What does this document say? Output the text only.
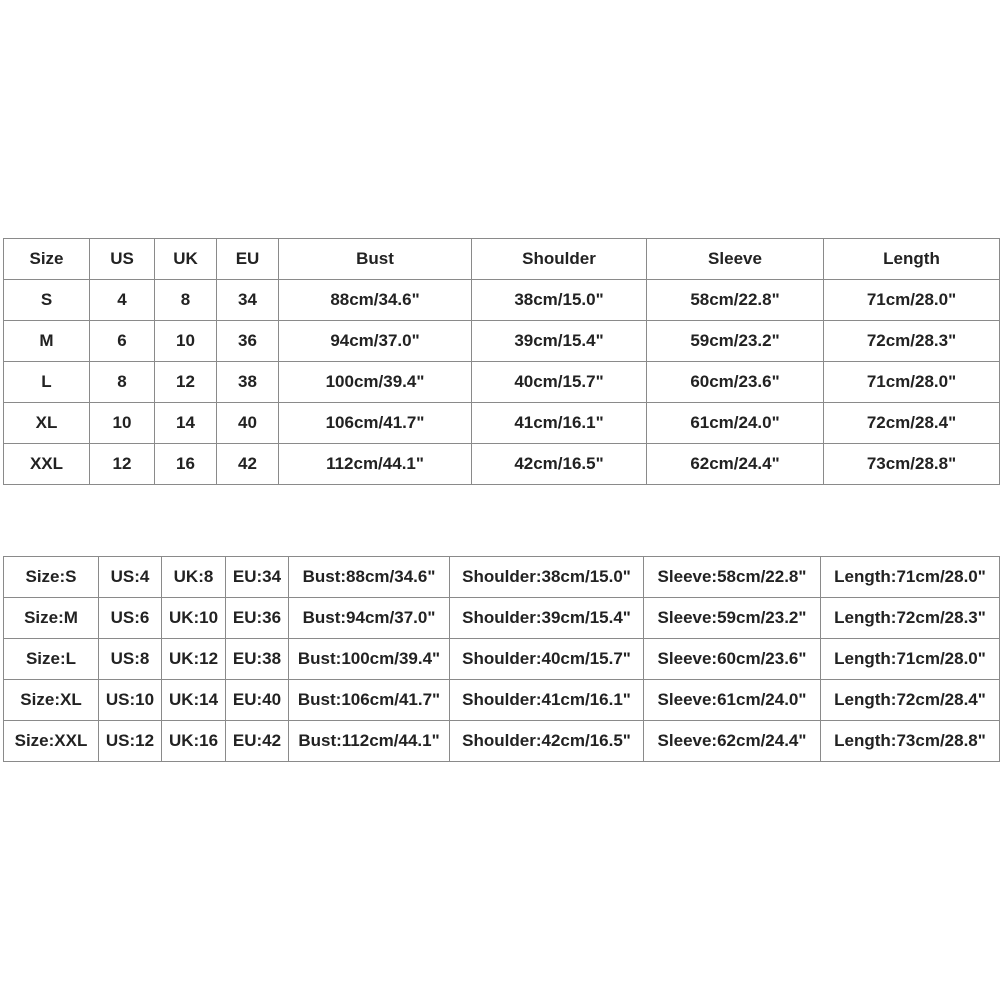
Size	US	UK	EU	Bust	Shoulder	Sleeve	Length
S	4	8	34	88cm/34.6"	38cm/15.0"	58cm/22.8"	71cm/28.0"
M	6	10	36	94cm/37.0"	39cm/15.4"	59cm/23.2"	72cm/28.3"
L	8	12	38	100cm/39.4"	40cm/15.7"	60cm/23.6"	71cm/28.0"
XL	10	14	40	106cm/41.7"	41cm/16.1"	61cm/24.0"	72cm/28.4"
XXL	12	16	42	112cm/44.1"	42cm/16.5"	62cm/24.4"	73cm/28.8"
Size:S	US:4	UK:8	EU:34	Bust:88cm/34.6"	Shoulder:38cm/15.0"	Sleeve:58cm/22.8"	Length:71cm/28.0"
Size:M	US:6	UK:10	EU:36	Bust:94cm/37.0"	Shoulder:39cm/15.4"	Sleeve:59cm/23.2"	Length:72cm/28.3"
Size:L	US:8	UK:12	EU:38	Bust:100cm/39.4"	Shoulder:40cm/15.7"	Sleeve:60cm/23.6"	Length:71cm/28.0"
Size:XL	US:10	UK:14	EU:40	Bust:106cm/41.7"	Shoulder:41cm/16.1"	Sleeve:61cm/24.0"	Length:72cm/28.4"
Size:XXL	US:12	UK:16	EU:42	Bust:112cm/44.1"	Shoulder:42cm/16.5"	Sleeve:62cm/24.4"	Length:73cm/28.8"
